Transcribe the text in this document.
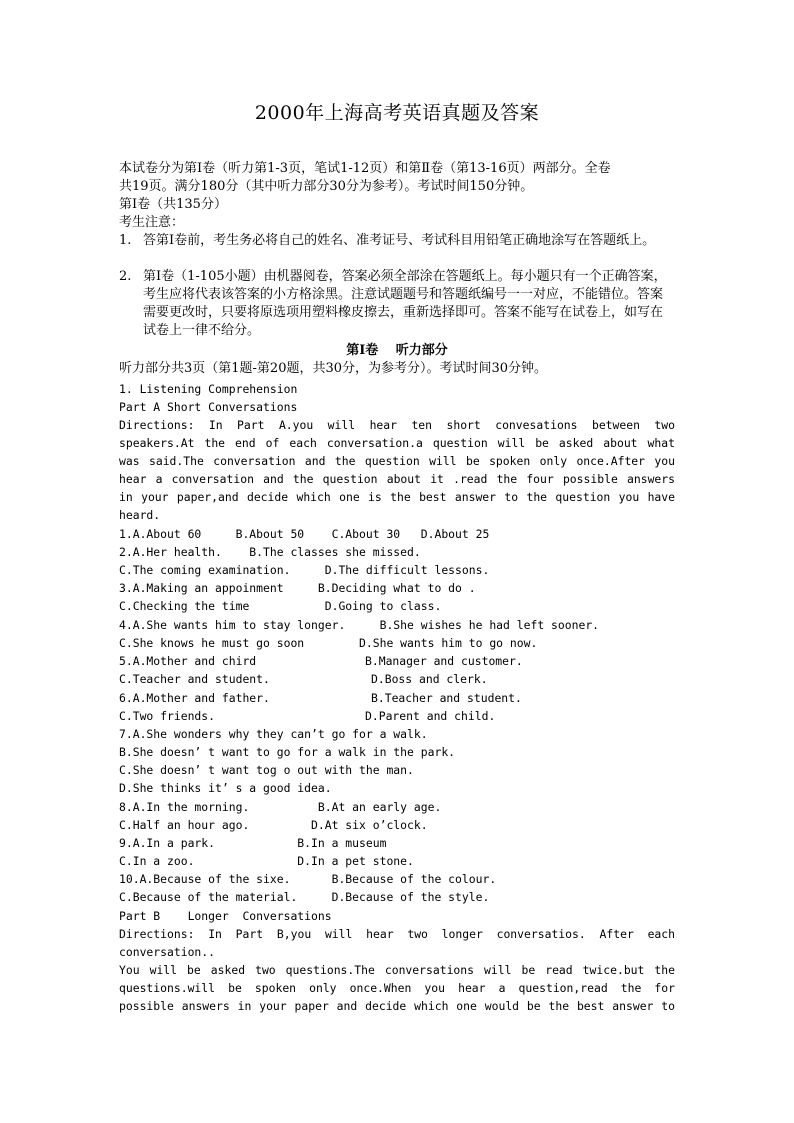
2000年上海高考英语真题及答案
本试卷分为第Ⅰ卷（听力第1-3页，笔试1-12页）和第Ⅱ卷（第13-16页）两部分。全卷
共19页。满分180分（其中听力部分30分为参考）。考试时间150分钟。
第Ⅰ卷（共135分）
考生注意：
1. 答第Ⅰ卷前，考生务必将自己的姓名、准考证号、考试科目用铅笔正确地涂写在答题纸上。
2. 第Ⅰ卷（1-105小题）由机器阅卷，答案必须全部涂在答题纸上。每小题只有一个正确答案，考生应将代表该答案的小方格涂黑。注意试题题号和答题纸编号一一对应，不能错位。答案需要更改时，只要将原选项用塑料橡皮擦去，重新选择即可。答案不能写在试卷上，如写在试卷上一律不给分。
第Ⅰ卷　 听力部分
听力部分共3页（第1题-第20题，共30分，为参考分）。考试时间30分钟。
1. Listening Comprehension
Part A Short Conversations
Directions: In Part A.you will hear ten short convesations between two
speakers.At the end of each conversation.a question will be asked about what
was said.The conversation and the question will be spoken only once.After you
hear a conversation and the question about it .read the four possible answers
in your paper,and decide which one is the best answer to the question you have
heard.
1.A.About 60     B.About 50    C.About 30   D.About 25
2.A.Her health.    B.The classes she missed.
C.The coming examination.     D.The difficult lessons.
3.A.Making an appoinment     B.Deciding what to do .
C.Checking the time           D.Going to class.
4.A.She wants him to stay longer.     B.She wishes he had left sooner.
C.She knows he must go soon        D.She wants him to go now.
5.A.Mother and chird	B.Manager and customer.
C.Teacher and student.	D.Boss and clerk.
6.A.Mother and father.	B.Teacher and student.
C.Two friends.	D.Parent and child.
7.A.She wonders why they can’t go for a walk.
B.She doesn’ t want to go for a walk in the park.
C.She doesn’ t want tog o out with the man.
D.She thinks it’ s a good idea.
8.A.In the morning.          B.At an early age.
C.Half an hour ago.         D.At six o’clock.
9.A.In a park.            B.In a museum
C.In a zoo.               D.In a pet stone.
10.A.Because of the sixe.      B.Because of the colour.
C.Because of the material.     D.Because of the style.
Part B    Longer  Conversations
Directions: In Part B,you will hear two longer conversatios. After each
conversation..
You will be asked two questions.The conversations will be read twice.but the
questions.will be spoken only once.When you hear a question,read the for
possible answers in your paper and decide which one would be the best answer to
